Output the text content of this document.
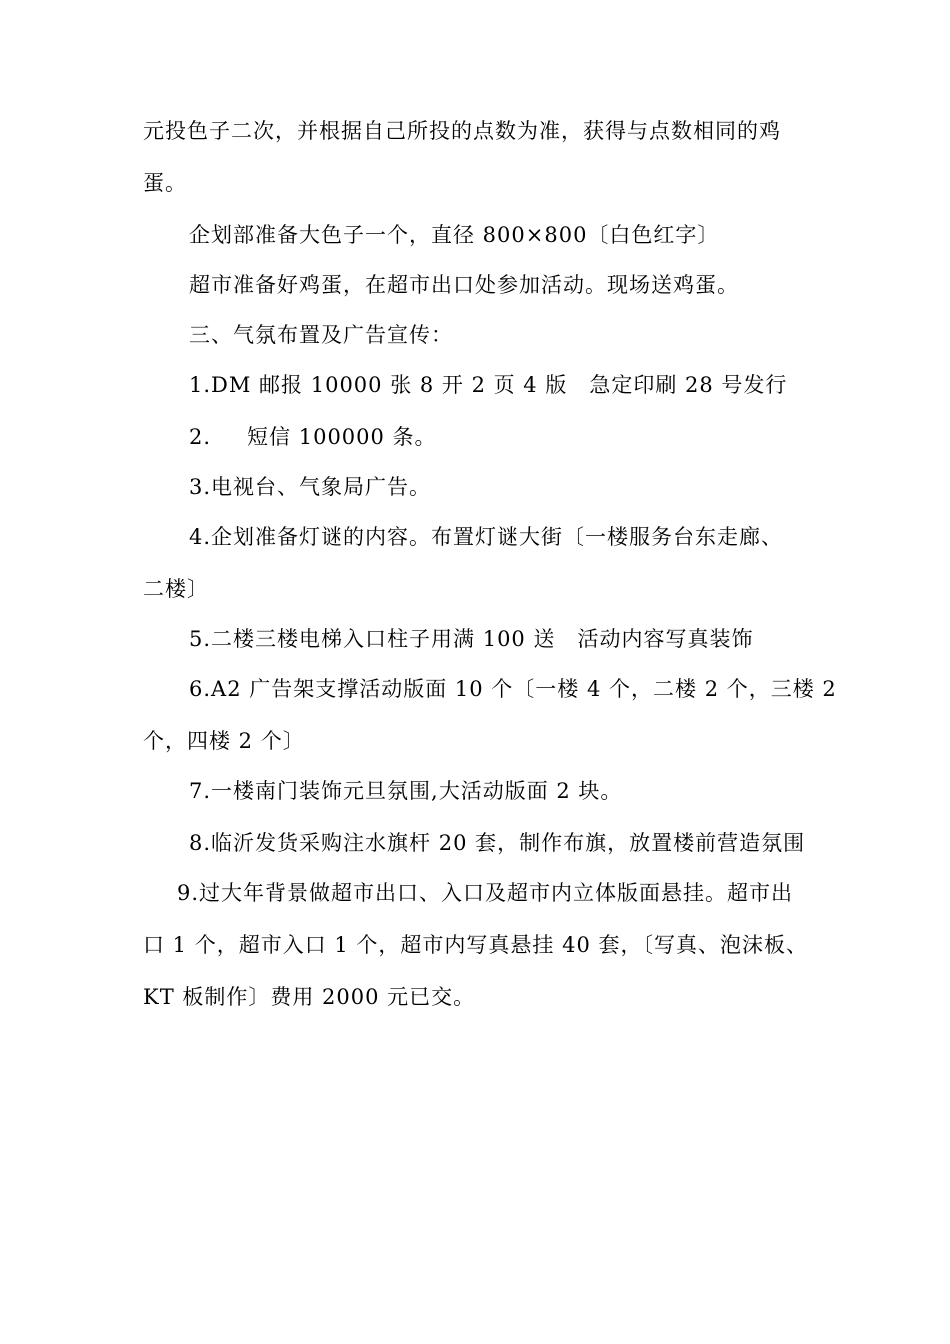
元投色子二次，并根据自己所投的点数为准，获得与点数相同的鸡
蛋。
企划部准备大色子一个，直径 800×800〔白色红字〕
超市准备好鸡蛋，在超市出口处参加活动。现场送鸡蛋。
三、气氛布置及广告宣传：
1.DM 邮报 10000 张 8 开 2 页 4 版 急定印刷 28 号发行
2. 短信 100000 条。
3.电视台、气象局广告。
4.企划准备灯谜的内容。布置灯谜大街〔一楼服务台东走廊、
二楼〕
5.二楼三楼电梯入口柱子用满 100 送 活动内容写真装饰
6.A2 广告架支撑活动版面 10 个〔一楼 4 个，二楼 2 个，三楼 2
个，四楼 2 个〕
7.一楼南门装饰元旦氛围,大活动版面 2 块。
8.临沂发货采购注水旗杆 20 套，制作布旗，放置楼前营造氛围
9.过大年背景做超市出口、入口及超市内立体版面悬挂。超市出
口 1 个，超市入口 1 个，超市内写真悬挂 40 套，〔写真、泡沫板、
KT 板制作〕费用 2000 元已交。
